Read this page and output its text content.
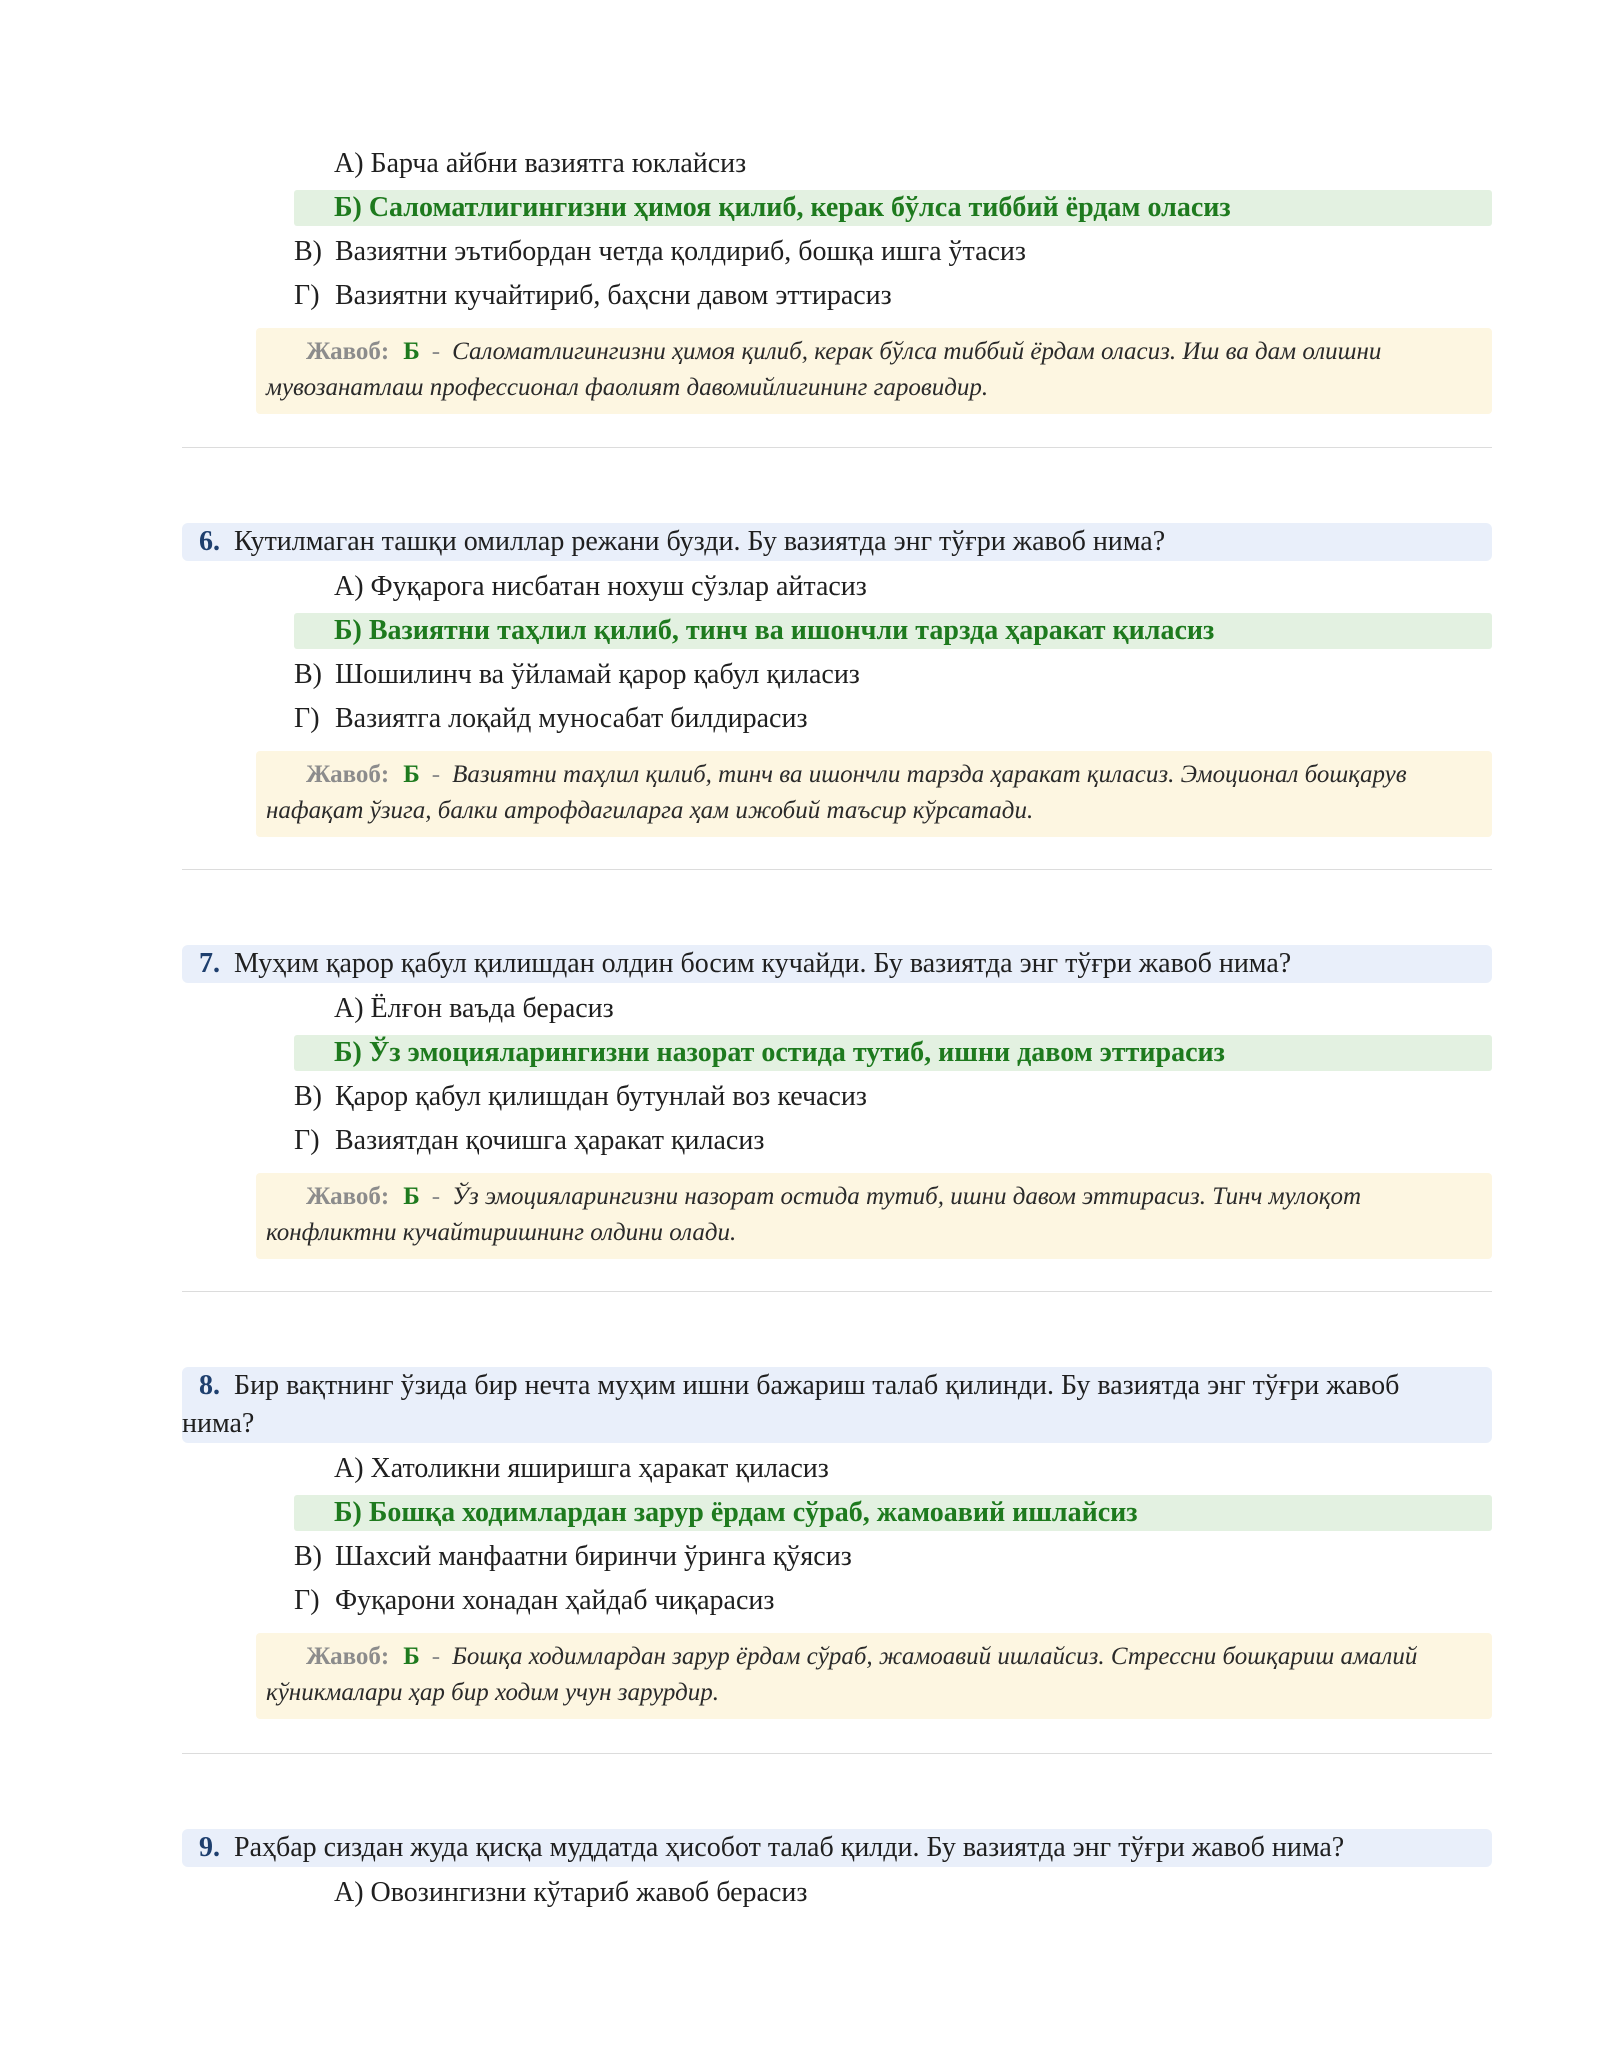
А) Барча айбни вазиятга юклайсиз
Б) Саломатлигингизни ҳимоя қилиб, керак бўлса тиббий ёрдам оласиз
В) Вазиятни эътибордан четда қолдириб, бошқа ишга ўтасиз
Г) Вазиятни кучайтириб, баҳсни давом эттирасиз
Жавоб: Б - Саломатлигингизни ҳимоя қилиб, керак бўлса тиббий ёрдам оласиз. Иш ва дам олишни мувозанатлаш профессионал фаолият давомийлигининг гаровидир.
6. Кутилмаган ташқи омиллар режани бузди. Бу вазиятда энг тўғри жавоб нима?
А) Фуқарога нисбатан нохуш сўзлар айтасиз
Б) Вазиятни таҳлил қилиб, тинч ва ишончли тарзда ҳаракат қиласиз
В) Шошилинч ва ўйламай қарор қабул қиласиз
Г) Вазиятга лоқайд муносабат билдирасиз
Жавоб: Б - Вазиятни таҳлил қилиб, тинч ва ишончли тарзда ҳаракат қиласиз. Эмоционал бошқарув нафақат ўзига, балки атрофдагиларга ҳам ижобий таъсир кўрсатади.
7. Муҳим қарор қабул қилишдан олдин босим кучайди. Бу вазиятда энг тўғри жавоб нима?
А) Ёлғон ваъда берасиз
Б) Ўз эмоцияларингизни назорат остида тутиб, ишни давом эттирасиз
В) Қарор қабул қилишдан бутунлай воз кечасиз
Г) Вазиятдан қочишга ҳаракат қиласиз
Жавоб: Б - Ўз эмоцияларингизни назорат остида тутиб, ишни давом эттирасиз. Тинч мулоқот конфликтни кучайтиришнинг олдини олади.
8. Бир вақтнинг ўзида бир нечта муҳим ишни бажариш талаб қилинди. Бу вазиятда энг тўғри жавоб нима?
А) Хатоликни яширишга ҳаракат қиласиз
Б) Бошқа ходимлардан зарур ёрдам сўраб, жамоавий ишлайсиз
В) Шахсий манфаатни биринчи ўринга қўясиз
Г) Фуқарони хонадан ҳайдаб чиқарасиз
Жавоб: Б - Бошқа ходимлардан зарур ёрдам сўраб, жамоавий ишлайсиз. Стрессни бошқариш амалий кўникмалари ҳар бир ходим учун зарурдир.
9. Раҳбар сиздан жуда қисқа муддатда ҳисобот талаб қилди. Бу вазиятда энг тўғри жавоб нима?
А) Овозингизни кўтариб жавоб берасиз
